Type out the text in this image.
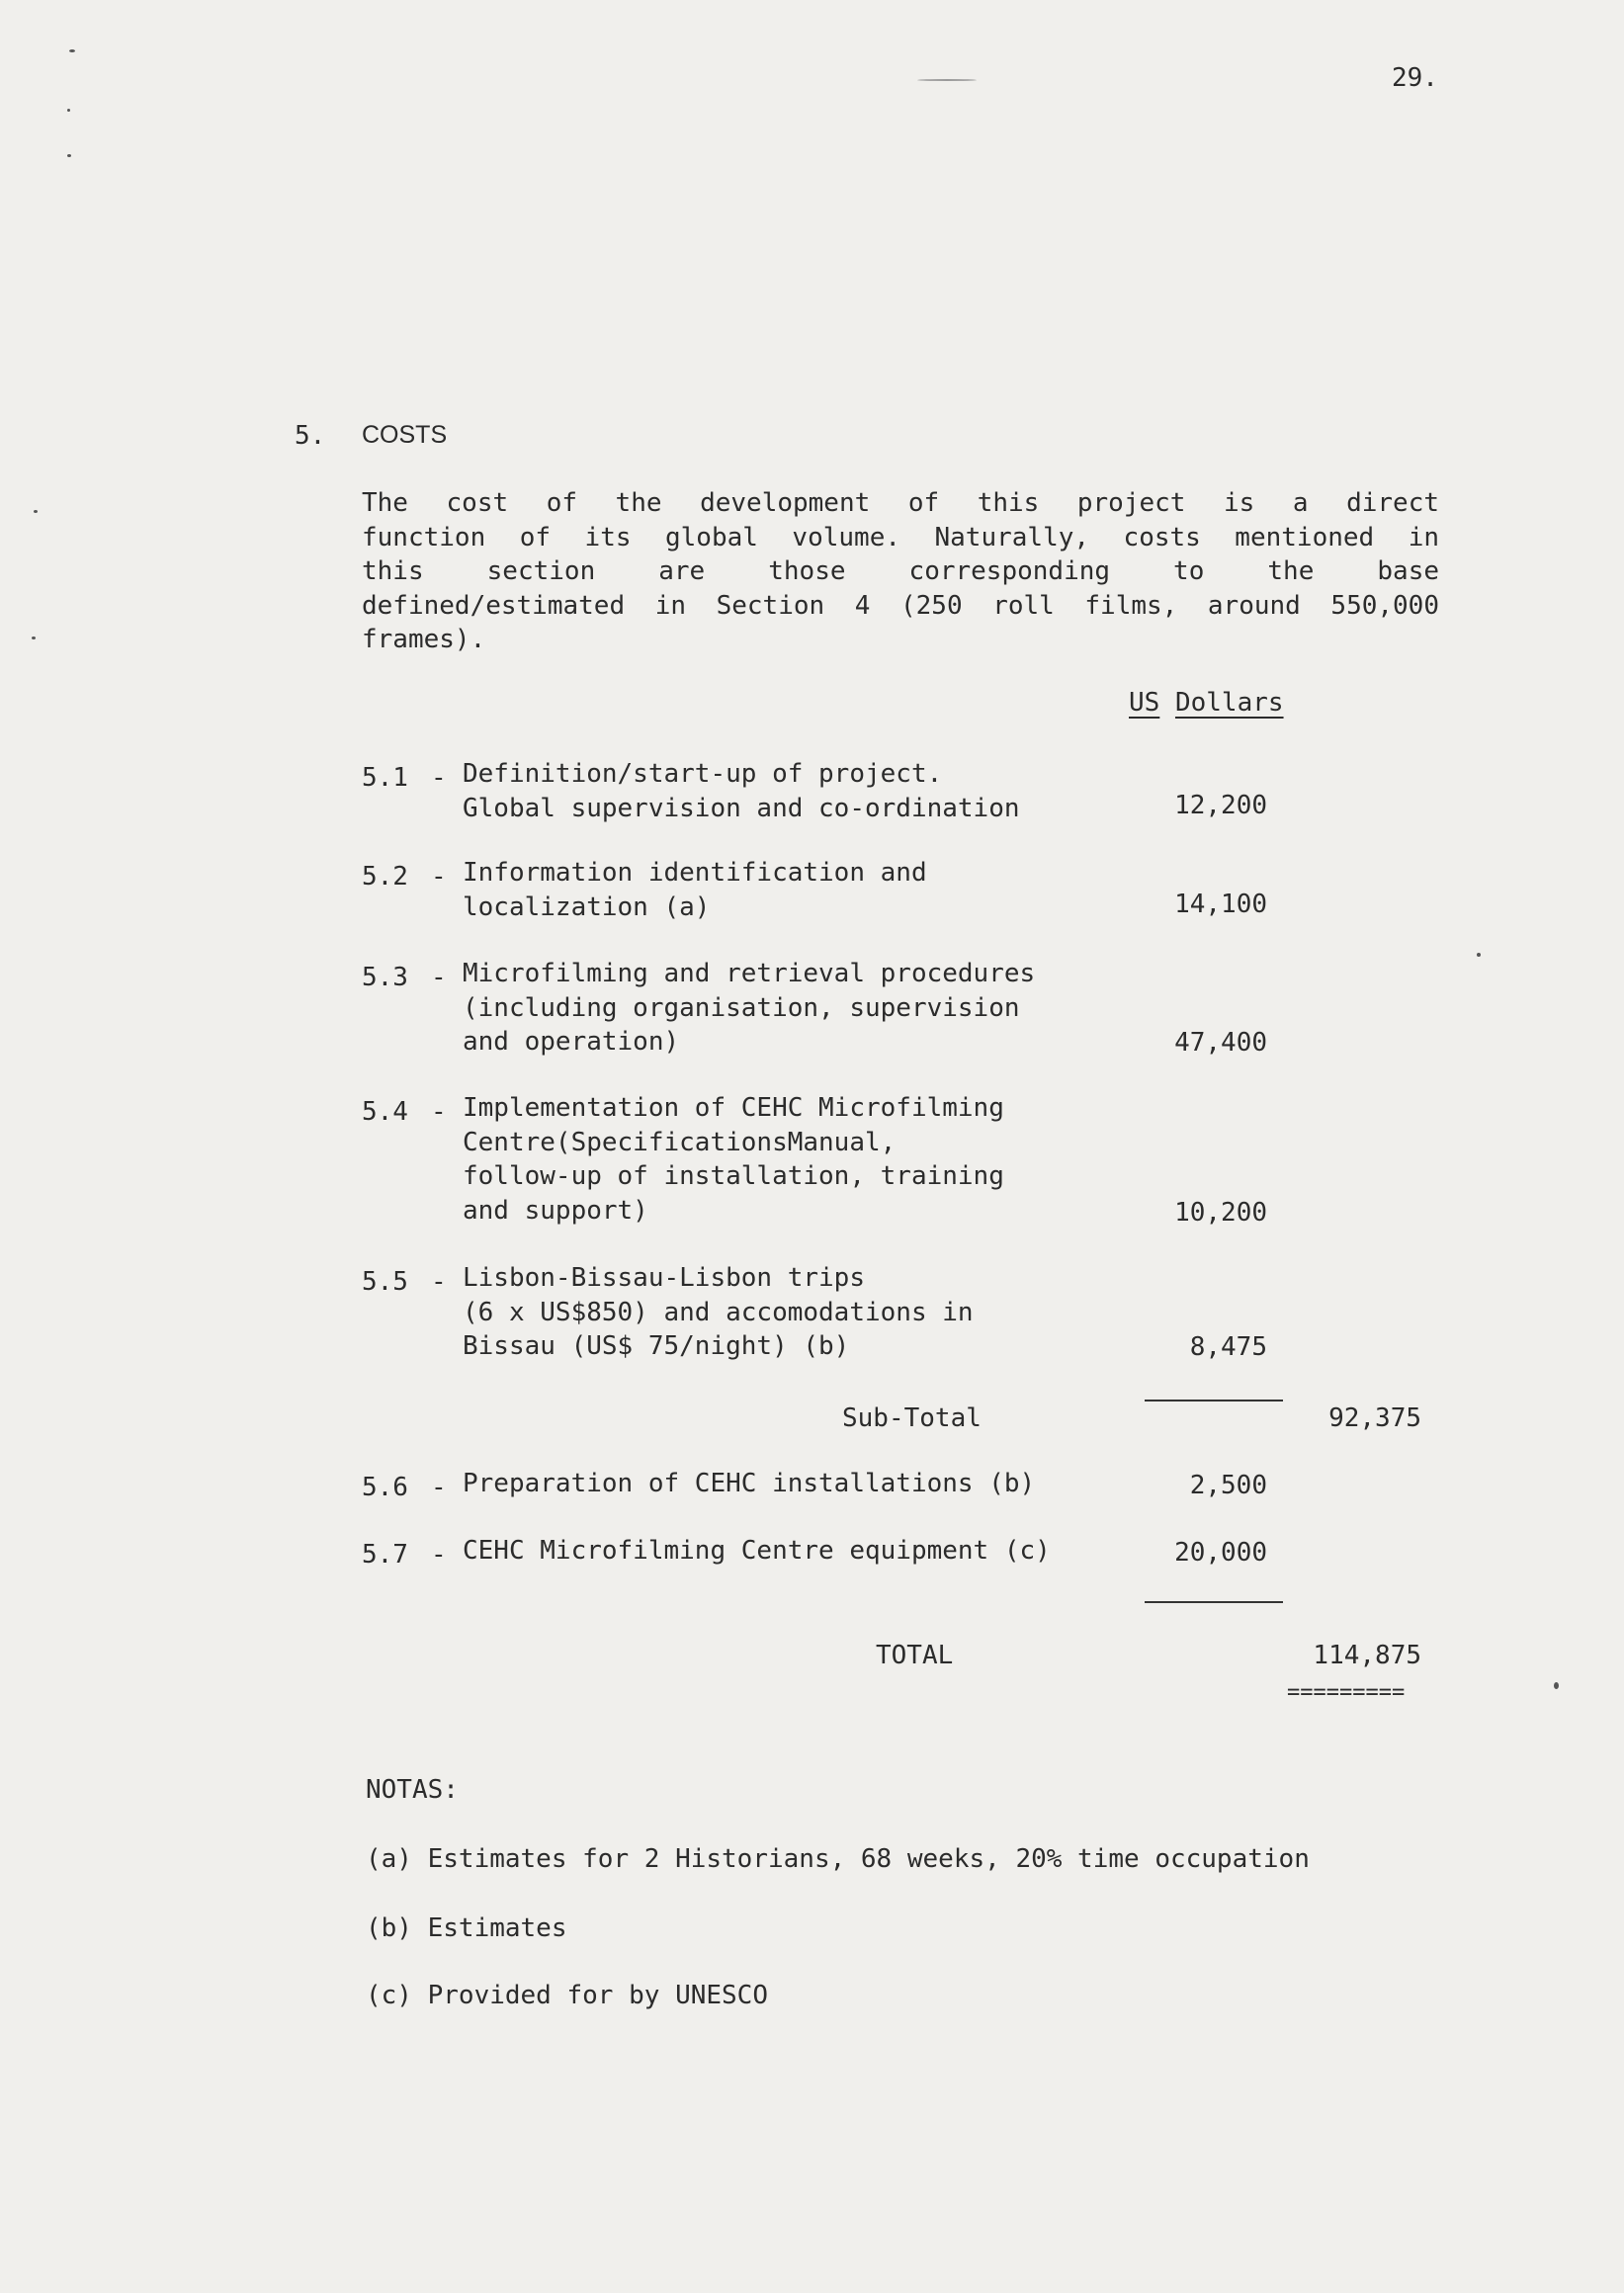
29.
5. COSTS
The cost of the development of this project is a direct
function of its global volume. Naturally, costs mentioned in
this section are those corresponding to the base
defined/estimated in Section 4 (250 roll films, around 550,000
frames).
US Dollars
5.1 - Definition/start-up of project.
Global supervision and co-ordination	12,200
5.2 - Information identification and
localization (a)	14,100
5.3 - Microfilming and retrieval procedures
(including organisation, supervision
and operation)	47,400
5.4 - Implementation of CEHC Microfilming
Centre(SpecificationsManual,
follow-up of installation, training
and support)	10,200
5.5 - Lisbon-Bissau-Lisbon trips
(6 x US$850) and accomodations in
Bissau (US$ 75/night) (b)	8,475
Sub-Total	92,375
5.6 - Preparation of CEHC installations (b)	2,500
5.7 - CEHC Microfilming Centre equipment (c)	20,000
TOTAL	114,875
=========
NOTAS:
(a) Estimates for 2 Historians, 68 weeks, 20% time occupation
(b) Estimates
(c) Provided for by UNESCO
